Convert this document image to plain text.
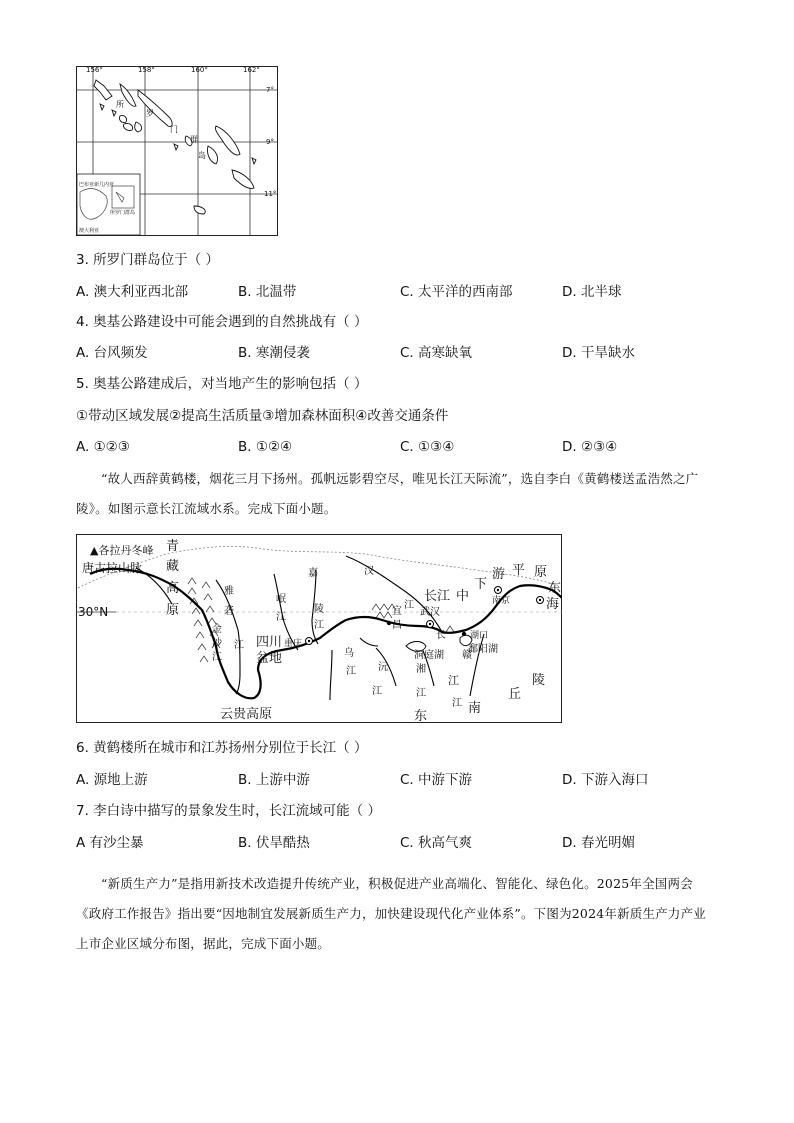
156°	158°	160°	162°
7°
9°
11°
所
罗
门
群
岛
巴布亚新几内亚
所罗门群岛
澳大利亚
3. 所罗门群岛位于（ ）
A. 澳大利亚西北部	B. 北温带	C. 太平洋的西南部	D. 北半球
4. 奥基公路建设中可能会遇到的自然挑战有（ ）
A. 台风频发	B. 寒潮侵袭	C. 高寒缺氧	D. 干旱缺水
5. 奥基公路建成后，对当地产生的影响包括（ ）
①带动区域发展②提高生活质量③增加森林面积④改善交通条件
A. ①②③	B. ①②④	C. ①③④	D. ②③④
“故人西辞黄鹤楼，烟花三月下扬州。孤帆远影碧空尽，唯见长江天际流”，选自李白《黄鹤楼送孟浩然之广陵》。如图示意长江流域水系。完成下面小题。
▲各拉丹冬峰
唐古拉山脉
30°N
青
藏
高
原
云贵高原
雅
砻
江
金
沙
江
岷
江
嘉
陵
江
汉
江
乌
江 沅
江
湘
江
赣
江
四川
盆地
宜
昌
重庆
武汉
南京
湖口
洞庭湖
鄱阳湖
长江 中
下
游 平 原
东
海
江
南
丘
陵
东
长
6. 黄鹤楼所在城市和江苏扬州分别位于长江（ ）
A. 源地上游	B. 上游中游	C. 中游下游	D. 下游入海口
7. 李白诗中描写的景象发生时，长江流域可能（ ）
A 有沙尘暴	B. 伏旱酷热	C. 秋高气爽	D. 春光明媚
“新质生产力”是指用新技术改造提升传统产业，积极促进产业高端化、智能化、绿色化。2025年全国两会《政府工作报告》指出要“因地制宜发展新质生产力，加快建设现代化产业体系”。下图为2024年新质生产力产业上市企业区域分布图，据此，完成下面小题。
